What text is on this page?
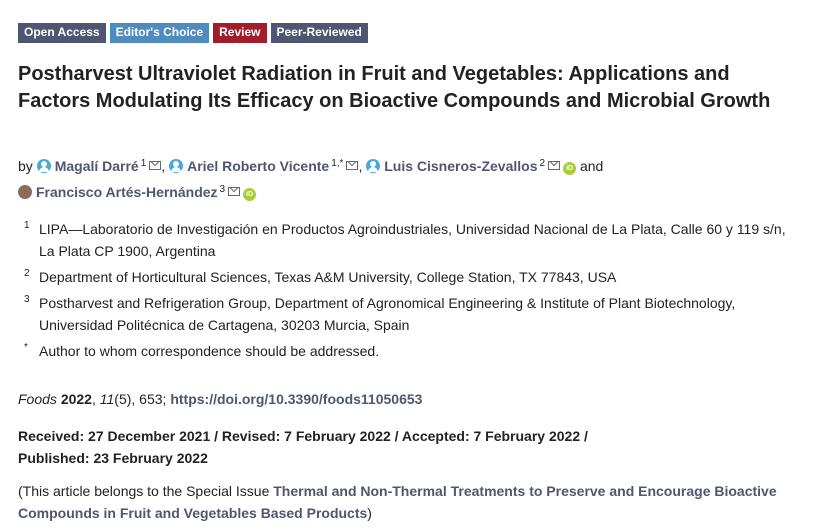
Open Access	Editor's Choice	Review	Peer-Reviewed
Postharvest Ultraviolet Radiation in Fruit and Vegetables: Applications and Factors Modulating Its Efficacy on Bioactive Compounds and Microbial Growth
by Magalí Darré $^1$ , Ariel Roberto Vicente $^{1,*}$ , Luis Cisneros-Zevallos $^2$	iD and
Francisco Artés-Hernández $^3$	iD
1 LIPA—Laboratorio de Investigación en Productos Agroindustriales, Universidad Nacional de La Plata, Calle 60 y 119 s/n, La Plata CP 1900, Argentina
2 Department of Horticultural Sciences, Texas A&M University, College Station, TX 77843, USA
3 Postharvest and Refrigeration Group, Department of Agronomical Engineering & Institute of Plant Biotechnology, Universidad Politécnica de Cartagena, 30203 Murcia, Spain
* Author to whom correspondence should be addressed.
Foods 2022, 11(5), 653; https://doi.org/10.3390/foods11050653
Received: 27 December 2021 / Revised: 7 February 2022 / Accepted: 7 February 2022 /
Published: 23 February 2022
(This article belongs to the Special Issue Thermal and Non-Thermal Treatments to Preserve and Encourage Bioactive Compounds in Fruit and Vegetables Based Products)
